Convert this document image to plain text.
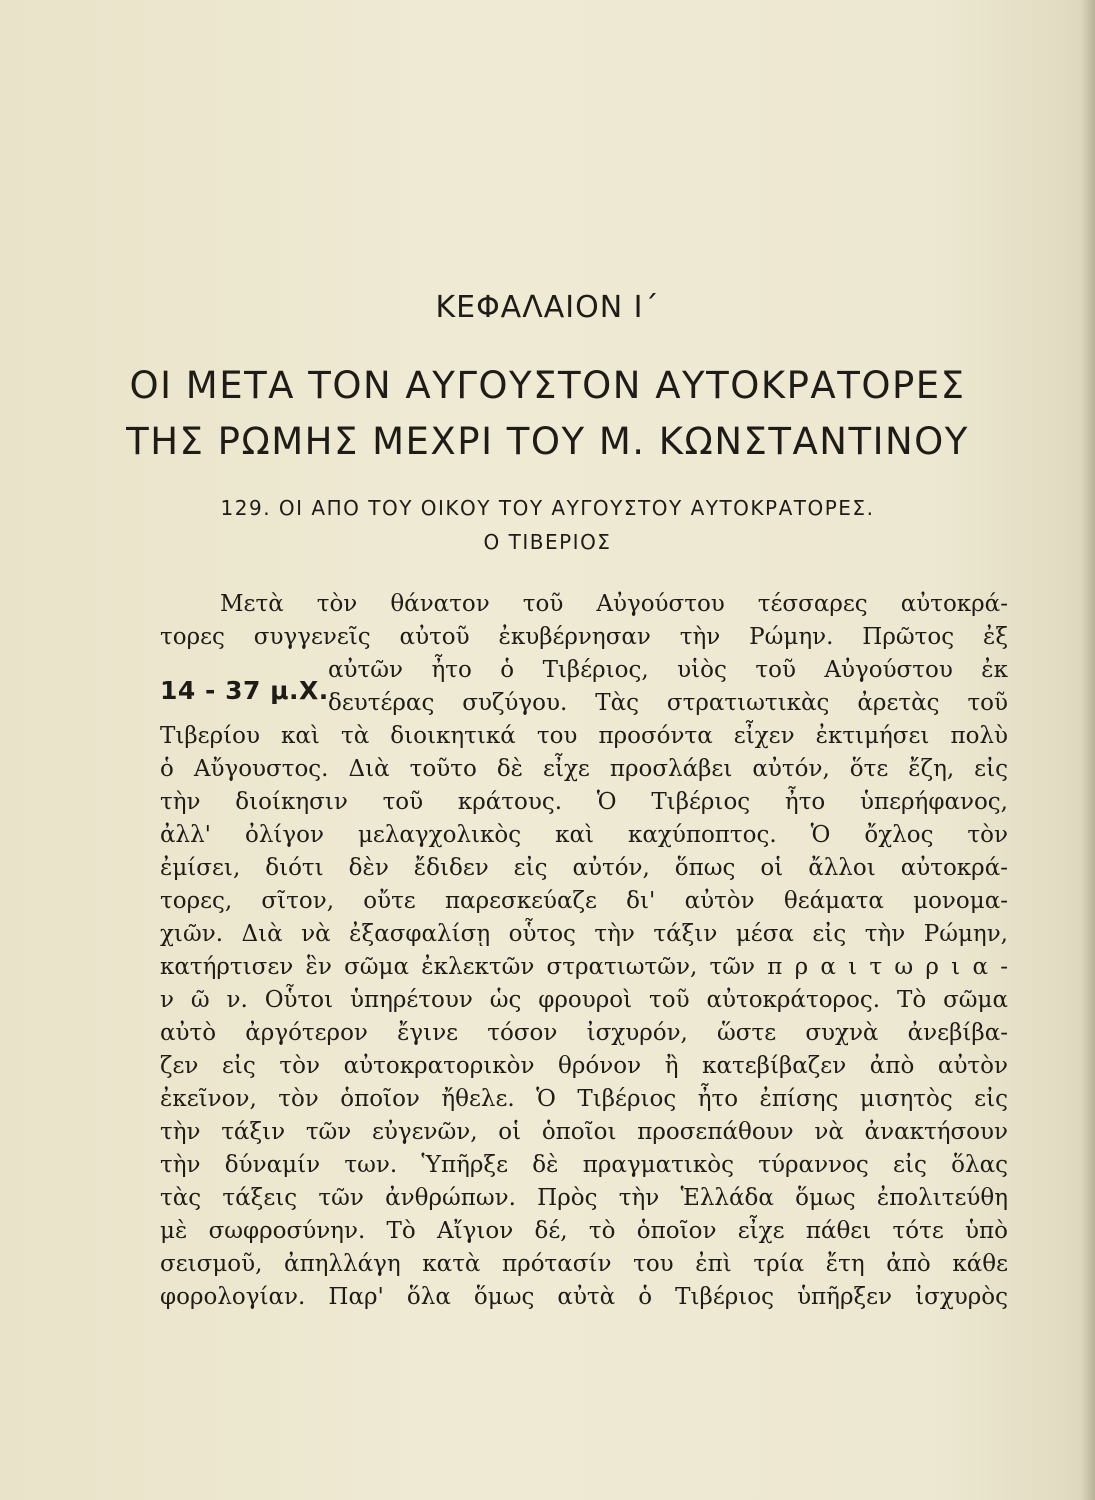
ΚΕΦΑΛΑΙΟΝ Ι΄
ΟΙ ΜΕΤΑ ΤΟΝ ΑΥΓΟΥΣΤΟΝ ΑΥΤΟΚΡΑΤΟΡΕΣ
ΤΗΣ ΡΩΜΗΣ ΜΕΧΡΙ ΤΟΥ Μ. ΚΩΝΣΤΑΝΤΙΝΟΥ
129. ΟΙ ΑΠΟ ΤΟΥ ΟΙΚΟΥ ΤΟΥ ΑΥΓΟΥΣΤΟΥ ΑΥΤΟΚΡΑΤΟΡΕΣ.
Ο ΤΙΒΕΡΙΟΣ
14 - 37 μ.Χ.
Μετὰ τὸν θάνατον τοῦ Αὐγούστου τέσσαρες αὐτοκρά-
τορες συγγενεῖς αὐτοῦ ἐκυβέρνησαν τὴν Ρώμην. Πρῶτος ἐξ
αὐτῶν ἦτο ὁ Τιβέριος, υἱὸς τοῦ Αὐγούστου ἐκ
δευτέρας συζύγου. Τὰς στρατιωτικὰς ἀρετὰς τοῦ
Τιβερίου καὶ τὰ διοικητικά του προσόντα εἶχεν ἐκτιμήσει πολὺ
ὁ Αὔγουστος. Διὰ τοῦτο δὲ εἶχε προσλάβει αὐτόν, ὅτε ἔζη, εἰς
τὴν διοίκησιν τοῦ κράτους. Ὁ Τιβέριος ἦτο ὑπερήφανος,
ἀλλ' ὀλίγον μελαγχολικὸς καὶ καχύποπτος. Ὁ ὄχλος τὸν
ἐμίσει, διότι δὲν ἔδιδεν εἰς αὐτόν, ὅπως οἱ ἄλλοι αὐτοκρά-
τορες, σῖτον, οὔτε παρεσκεύαζε δι' αὐτὸν θεάματα μονομα-
χιῶν. Διὰ νὰ ἐξασφαλίσῃ οὗτος τὴν τάξιν μέσα εἰς τὴν Ρώμην,
κατήρτισεν ἓν σῶμα ἐκλεκτῶν στρατιωτῶν, τῶν π ρ α ι τ ω ρ ι α -
ν ῶ ν. Οὗτοι ὑπηρέτουν ὡς φρουροὶ τοῦ αὐτοκράτορος. Τὸ σῶμα
αὐτὸ ἀργότερον ἔγινε τόσον ἰσχυρόν, ὥστε συχνὰ ἀνεβίβα-
ζεν εἰς τὸν αὐτοκρατορικὸν θρόνον ἢ κατεβίβαζεν ἀπὸ αὐτὸν
ἐκεῖνον, τὸν ὁποῖον ἤθελε. Ὁ Τιβέριος ἦτο ἐπίσης μισητὸς εἰς
τὴν τάξιν τῶν εὐγενῶν, οἱ ὁποῖοι προσεπάθουν νὰ ἀνακτήσουν
τὴν δύναμίν των. Ὑπῆρξε δὲ πραγματικὸς τύραννος εἰς ὅλας
τὰς τάξεις τῶν ἀνθρώπων. Πρὸς τὴν Ἑλλάδα ὅμως ἐπολιτεύθη
μὲ σωφροσύνην. Τὸ Αἴγιον δέ, τὸ ὁποῖον εἶχε πάθει τότε ὑπὸ
σεισμοῦ, ἀπηλλάγη κατὰ πρότασίν του ἐπὶ τρία ἔτη ἀπὸ κάθε
φορολογίαν. Παρ' ὅλα ὅμως αὐτὰ ὁ Τιβέριος ὑπῆρξεν ἰσχυρὸς
